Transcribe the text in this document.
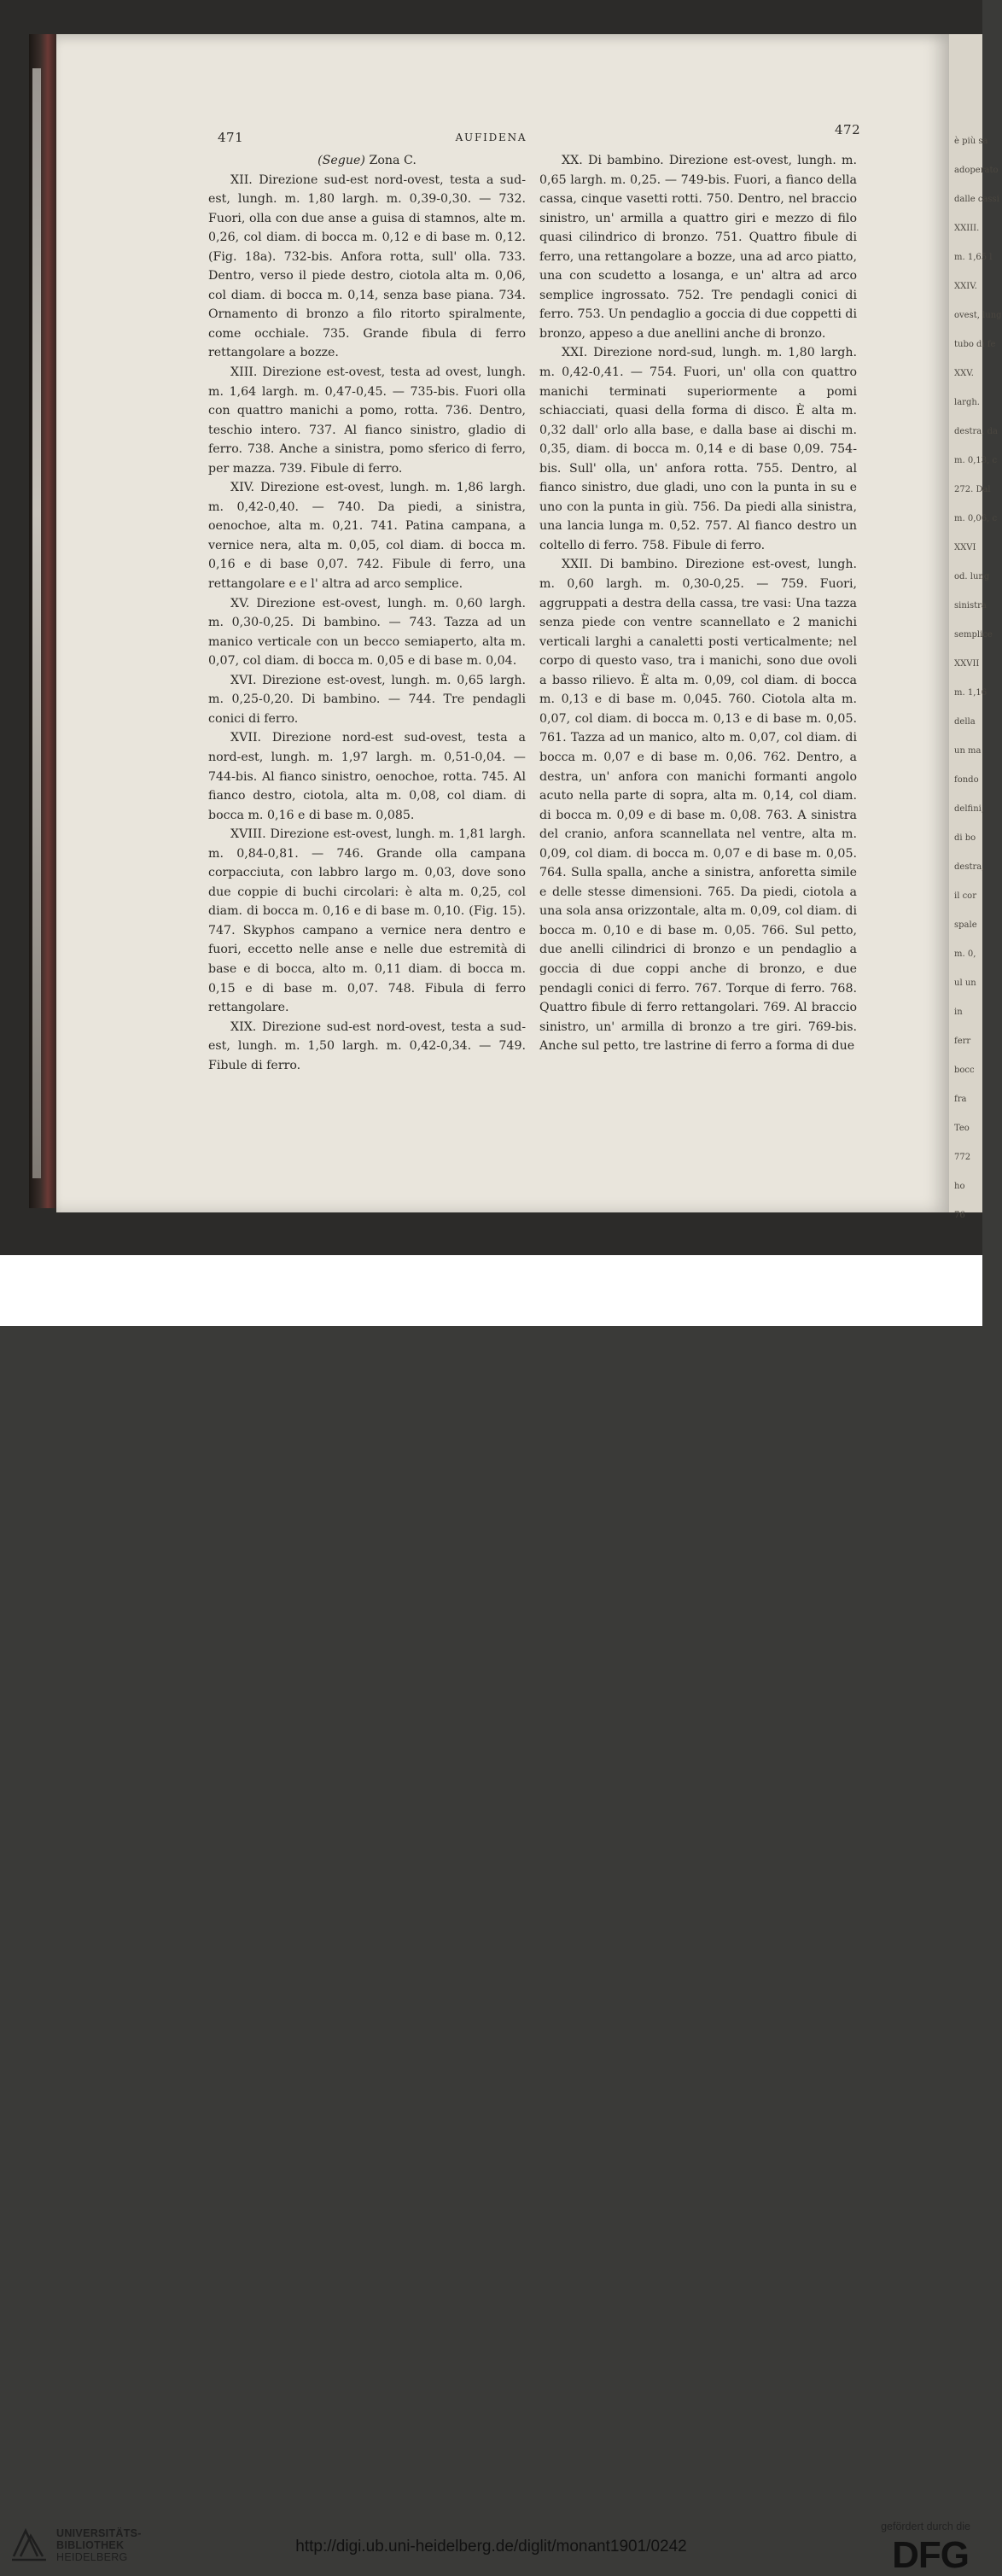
è più sa
adoperato
dalle cassi
XXIII.
m. 1,65 l
XXIV.
ovest, lung
tubo di fe
XXV.
largh.
destra, da
m. 0,13, c
272. Dal
m. 0,06, c
XXVI
od. lung
sinistra
semplice
XXVII
m. 1,16
della
un ma
fondo
delfini,
di bo
destra,
il cor
spale
m. 0,
ul un
in
ferr
bocc
fra
Teo
772
ho
76
471	AUFIDENA	472

(Segue) Zona C.

XII. Direzione sud-est nord-ovest, testa a sud-est, lungh. m. 1,80 largh. m. 0,39-0,30. — 732. Fuori, olla con due anse a guisa di stamnos, alte m. 0,26, col diam. di bocca m. 0,12 e di base m. 0,12. (Fig. 18a). 732-bis. Anfora rotta, sull' olla. 733. Dentro, verso il piede destro, ciotola alta m. 0,06, col diam. di bocca m. 0,14, senza base piana. 734. Ornamento di bronzo a filo ritorto spiralmente, come occhiale. 735. Grande fibula di ferro rettangolare a bozze.

XIII. Direzione est-ovest, testa ad ovest, lungh. m. 1,64 largh. m. 0,47-0,45. — 735-bis. Fuori olla con quattro manichi a pomo, rotta. 736. Dentro, teschio intero. 737. Al fianco sinistro, gladio di ferro. 738. Anche a sinistra, pomo sferico di ferro, per mazza. 739. Fibule di ferro.

XIV. Direzione est-ovest, lungh. m. 1,86 largh. m. 0,42-0,40. — 740. Da piedi, a sinistra, oenochoe, alta m. 0,21. 741. Patina campana, a vernice nera, alta m. 0,05, col diam. di bocca m. 0,16 e di base 0,07. 742. Fibule di ferro, una rettangolare e e l' altra ad arco semplice.

XV. Direzione est-ovest, lungh. m. 0,60 largh. m. 0,30-0,25. Di bambino. — 743. Tazza ad un manico verticale con un becco semiaperto, alta m. 0,07, col diam. di bocca m. 0,05 e di base m. 0,04.

XVI. Direzione est-ovest, lungh. m. 0,65 largh. m. 0,25-0,20. Di bambino. — 744. Tre pendagli conici di ferro.

XVII. Direzione nord-est sud-ovest, testa a nord-est, lungh. m. 1,97 largh. m. 0,51-0,04. — 744-bis. Al fianco sinistro, oenochoe, rotta. 745. Al fianco destro, ciotola, alta m. 0,08, col diam. di bocca m. 0,16 e di base m. 0,085.

XVIII. Direzione est-ovest, lungh. m. 1,81 largh. m. 0,84-0,81. — 746. Grande olla campana corpacciuta, con labbro largo m. 0,03, dove sono due coppie di buchi circolari: è alta m. 0,25, col diam. di bocca m. 0,16 e di base m. 0,10. (Fig. 15). 747. Skyphos campano a vernice nera dentro e fuori, eccetto nelle anse e nelle due estremità di base e di bocca, alto m. 0,11 diam. di bocca m. 0,15 e di base m. 0,07. 748. Fibula di ferro rettangolare.

XIX. Direzione sud-est nord-ovest, testa a sud-est, lungh. m. 1,50 largh. m. 0,42-0,34. — 749. Fibule di ferro.

XX. Di bambino. Direzione est-ovest, lungh. m. 0,65 largh. m. 0,25. — 749-bis. Fuori, a fianco della cassa, cinque vasetti rotti. 750. Dentro, nel braccio sinistro, un' armilla a quattro giri e mezzo di filo quasi cilindrico di bronzo. 751. Quattro fibule di ferro, una rettangolare a bozze, una ad arco piatto, una con scudetto a losanga, e un' altra ad arco semplice ingrossato. 752. Tre pendagli conici di ferro. 753. Un pendaglio a goccia di due coppetti di bronzo, appeso a due anellini anche di bronzo.

XXI. Direzione nord-sud, lungh. m. 1,80 largh. m. 0,42-0,41. — 754. Fuori, un' olla con quattro manichi terminati superiormente a pomi schiacciati, quasi della forma di disco. È alta m. 0,32 dall' orlo alla base, e dalla base ai dischi m. 0,35, diam. di bocca m. 0,14 e di base 0,09. 754-bis. Sull' olla, un' anfora rotta. 755. Dentro, al fianco sinistro, due gladi, uno con la punta in su e uno con la punta in giù. 756. Da piedi alla sinistra, una lancia lunga m. 0,52. 757. Al fianco destro un coltello di ferro. 758. Fibule di ferro.

XXII. Di bambino. Direzione est-ovest, lungh. m. 0,60 largh. m. 0,30-0,25. — 759. Fuori, aggruppati a destra della cassa, tre vasi: Una tazza senza piede con ventre scannellato e 2 manichi verticali larghi a canaletti posti verticalmente; nel corpo di questo vaso, tra i manichi, sono due ovoli a basso rilievo. È alta m. 0,09, col diam. di bocca m. 0,13 e di base m. 0,045. 760. Ciotola alta m. 0,07, col diam. di bocca m. 0,13 e di base m. 0,05. 761. Tazza ad un manico, alto m. 0,07, col diam. di bocca m. 0,07 e di base m. 0,06. 762. Dentro, a destra, un' anfora con manichi formanti angolo acuto nella parte di sopra, alta m. 0,14, col diam. di bocca m. 0,09 e di base m. 0,08. 763. A sinistra del cranio, anfora scannellata nel ventre, alta m. 0,09, col diam. di bocca m. 0,07 e di base m. 0,05. 764. Sulla spalla, anche a sinistra, anforetta simile e delle stesse dimensioni. 765. Da piedi, ciotola a una sola ansa orizzontale, alta m. 0,09, col diam. di bocca m. 0,10 e di base m. 0,05. 766. Sul petto, due anelli cilindrici di bronzo e un pendaglio a goccia di due coppi anche di bronzo, e due pendagli conici di ferro. 767. Torque di ferro. 768. Quattro fibule di ferro rettangolari. 769. Al braccio sinistro, un' armilla di bronzo a tre giri. 769-bis. Anche sul petto, tre lastrine di ferro a forma di due

UNIVERSITÄTS-
BIBLIOTHEK
HEIDELBERG
http://digi.ub.uni-heidelberg.de/diglit/monant1901/0242
gefördert durch die
DFG
